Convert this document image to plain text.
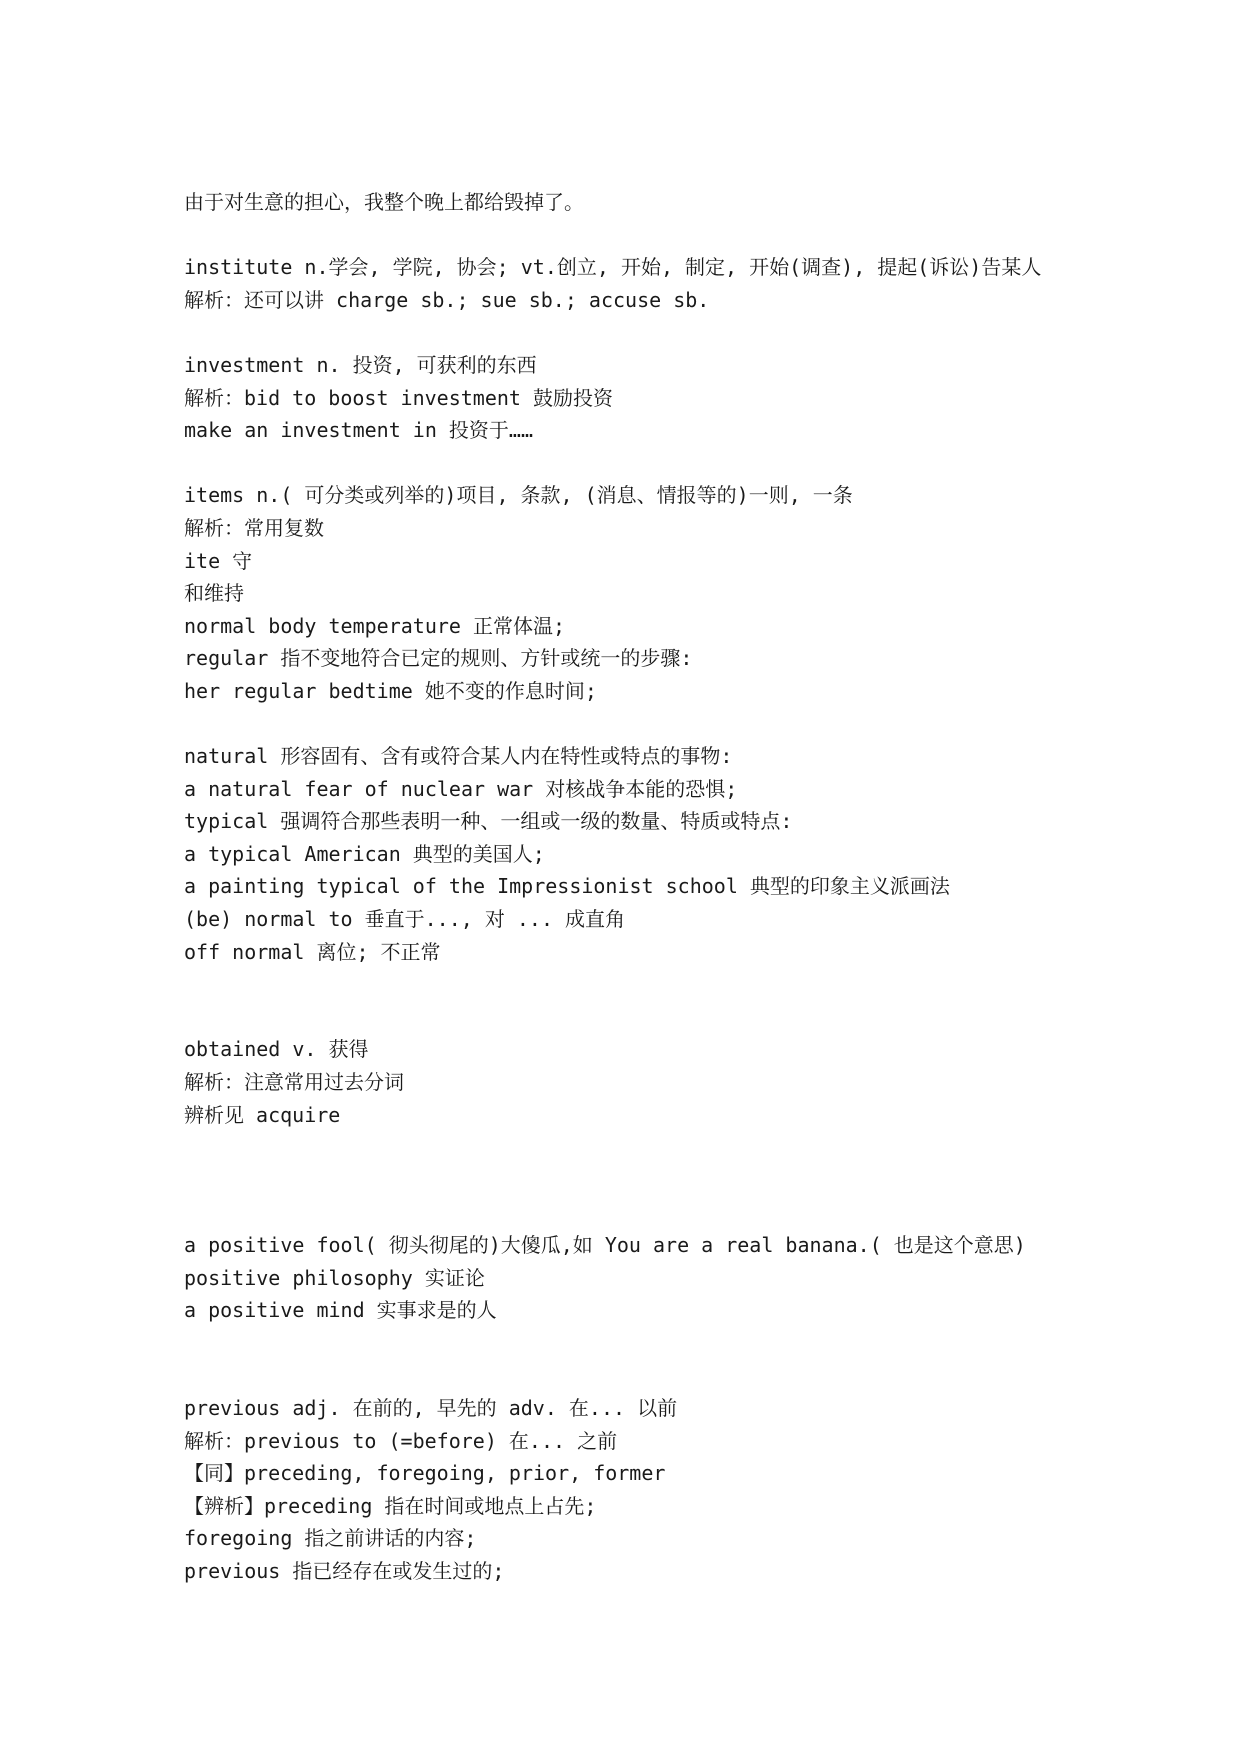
由于对生意的担心，我整个晚上都给毁掉了。
institute n.学会, 学院, 协会; vt.创立, 开始, 制定, 开始(调查), 提起(诉讼)告某人
解析：还可以讲 charge sb.; sue sb.; accuse sb.
investment n. 投资, 可获利的东西
解析：bid to boost investment 鼓励投资
make an investment in 投资于……
items n.( 可分类或列举的)项目, 条款, (消息、情报等的)一则, 一条
解析：常用复数
ite 守
和维持
normal body temperature 正常体温;
regular 指不变地符合已定的规则、方针或统一的步骤:
her regular bedtime 她不变的作息时间;
natural 形容固有、含有或符合某人内在特性或特点的事物:
a natural fear of nuclear war 对核战争本能的恐惧;
typical 强调符合那些表明一种、一组或一级的数量、特质或特点:
a typical American 典型的美国人;
a painting typical of the Impressionist school 典型的印象主义派画法
(be) normal to 垂直于..., 对 ... 成直角
off normal 离位; 不正常
obtained v. 获得
解析：注意常用过去分词
辨析见 acquire
a positive fool( 彻头彻尾的)大傻瓜,如 You are a real banana.( 也是这个意思)
positive philosophy 实证论
a positive mind 实事求是的人
previous adj. 在前的, 早先的 adv. 在... 以前
解析：previous to (=before) 在... 之前
【同】preceding, foregoing, prior, former
【辨析】preceding 指在时间或地点上占先;
foregoing 指之前讲话的内容;
previous 指已经存在或发生过的;
